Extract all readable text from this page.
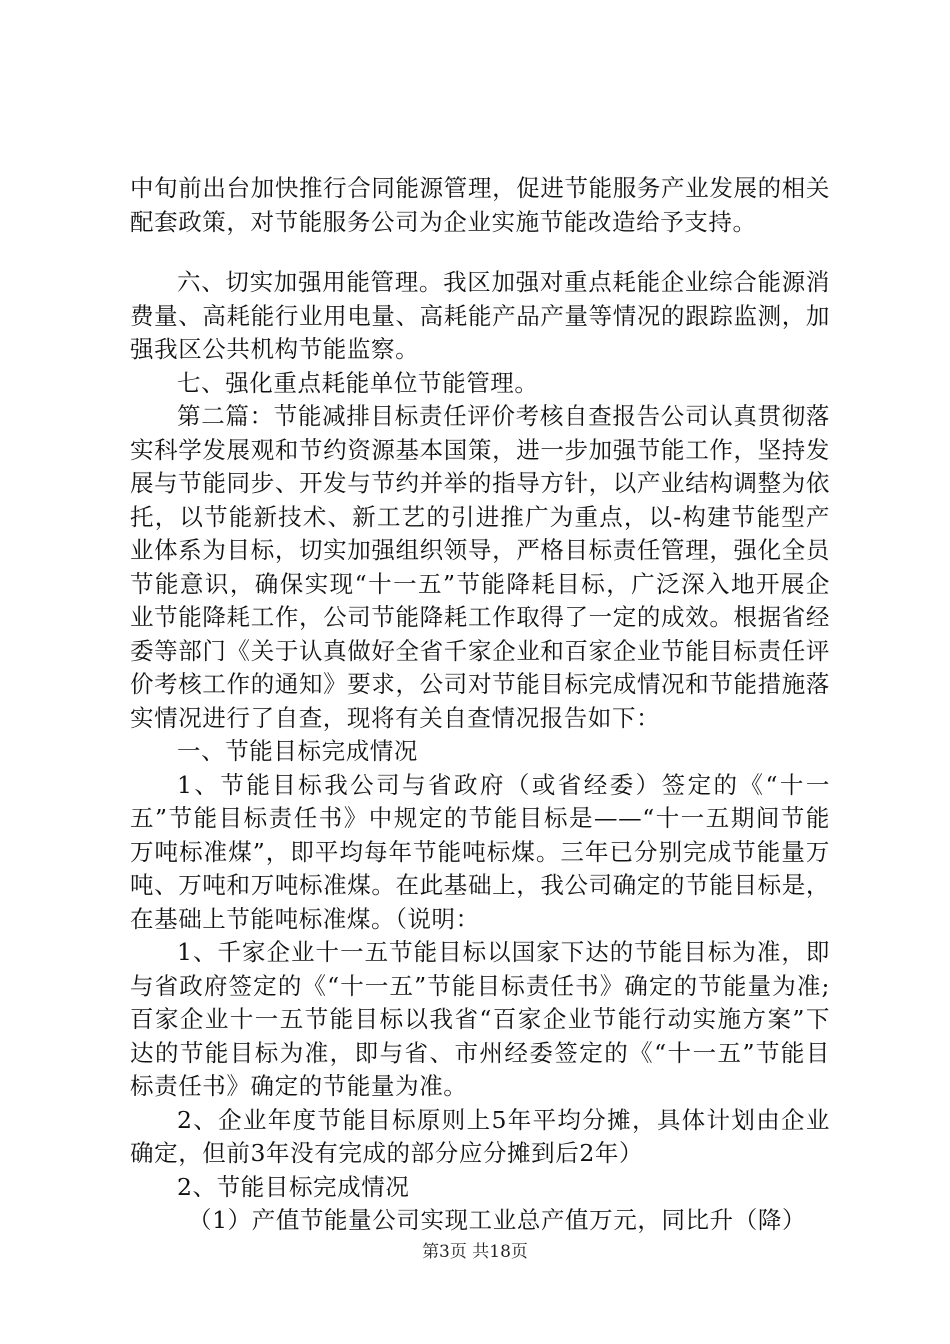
中旬前出台加快推行合同能源管理，促进节能服务产业发展的相关配套政策，对节能服务公司为企业实施节能改造给予支持。

六、切实加强用能管理。我区加强对重点耗能企业综合能源消费量、高耗能行业用电量、高耗能产品产量等情况的跟踪监测，加强我区公共机构节能监察。

七、强化重点耗能单位节能管理。

第二篇：节能减排目标责任评价考核自查报告公司认真贯彻落实科学发展观和节约资源基本国策，进一步加强节能工作，坚持发展与节能同步、开发与节约并举的指导方针，以产业结构调整为依托，以节能新技术、新工艺的引进推广为重点，以-构建节能型产业体系为目标，切实加强组织领导，严格目标责任管理，强化全员节能意识，确保实现“十一五”节能降耗目标，广泛深入地开展企业节能降耗工作，公司节能降耗工作取得了一定的成效。根据省经委等部门《关于认真做好全省千家企业和百家企业节能目标责任评价考核工作的通知》要求，公司对节能目标完成情况和节能措施落实情况进行了自查，现将有关自查情况报告如下：

一、节能目标完成情况

1、节能目标我公司与省政府（或省经委）签定的《“十一五”节能目标责任书》中规定的节能目标是——“十一五期间节能万吨标准煤”，即平均每年节能吨标煤。三年已分别完成节能量万吨、万吨和万吨标准煤。在此基础上，我公司确定的节能目标是，在基础上节能吨标准煤。（说明：

1、千家企业十一五节能目标以国家下达的节能目标为准，即与省政府签定的《“十一五”节能目标责任书》确定的节能量为准;百家企业十一五节能目标以我省“百家企业节能行动实施方案”下达的节能目标为准，即与省、市州经委签定的《“十一五”节能目标责任书》确定的节能量为准。

2、企业年度节能目标原则上5年平均分摊，具体计划由企业确定，但前3年没有完成的部分应分摊到后2年）

2、节能目标完成情况

（1）产值节能量公司实现工业总产值万元，同比升（降）

第3页 共18页
